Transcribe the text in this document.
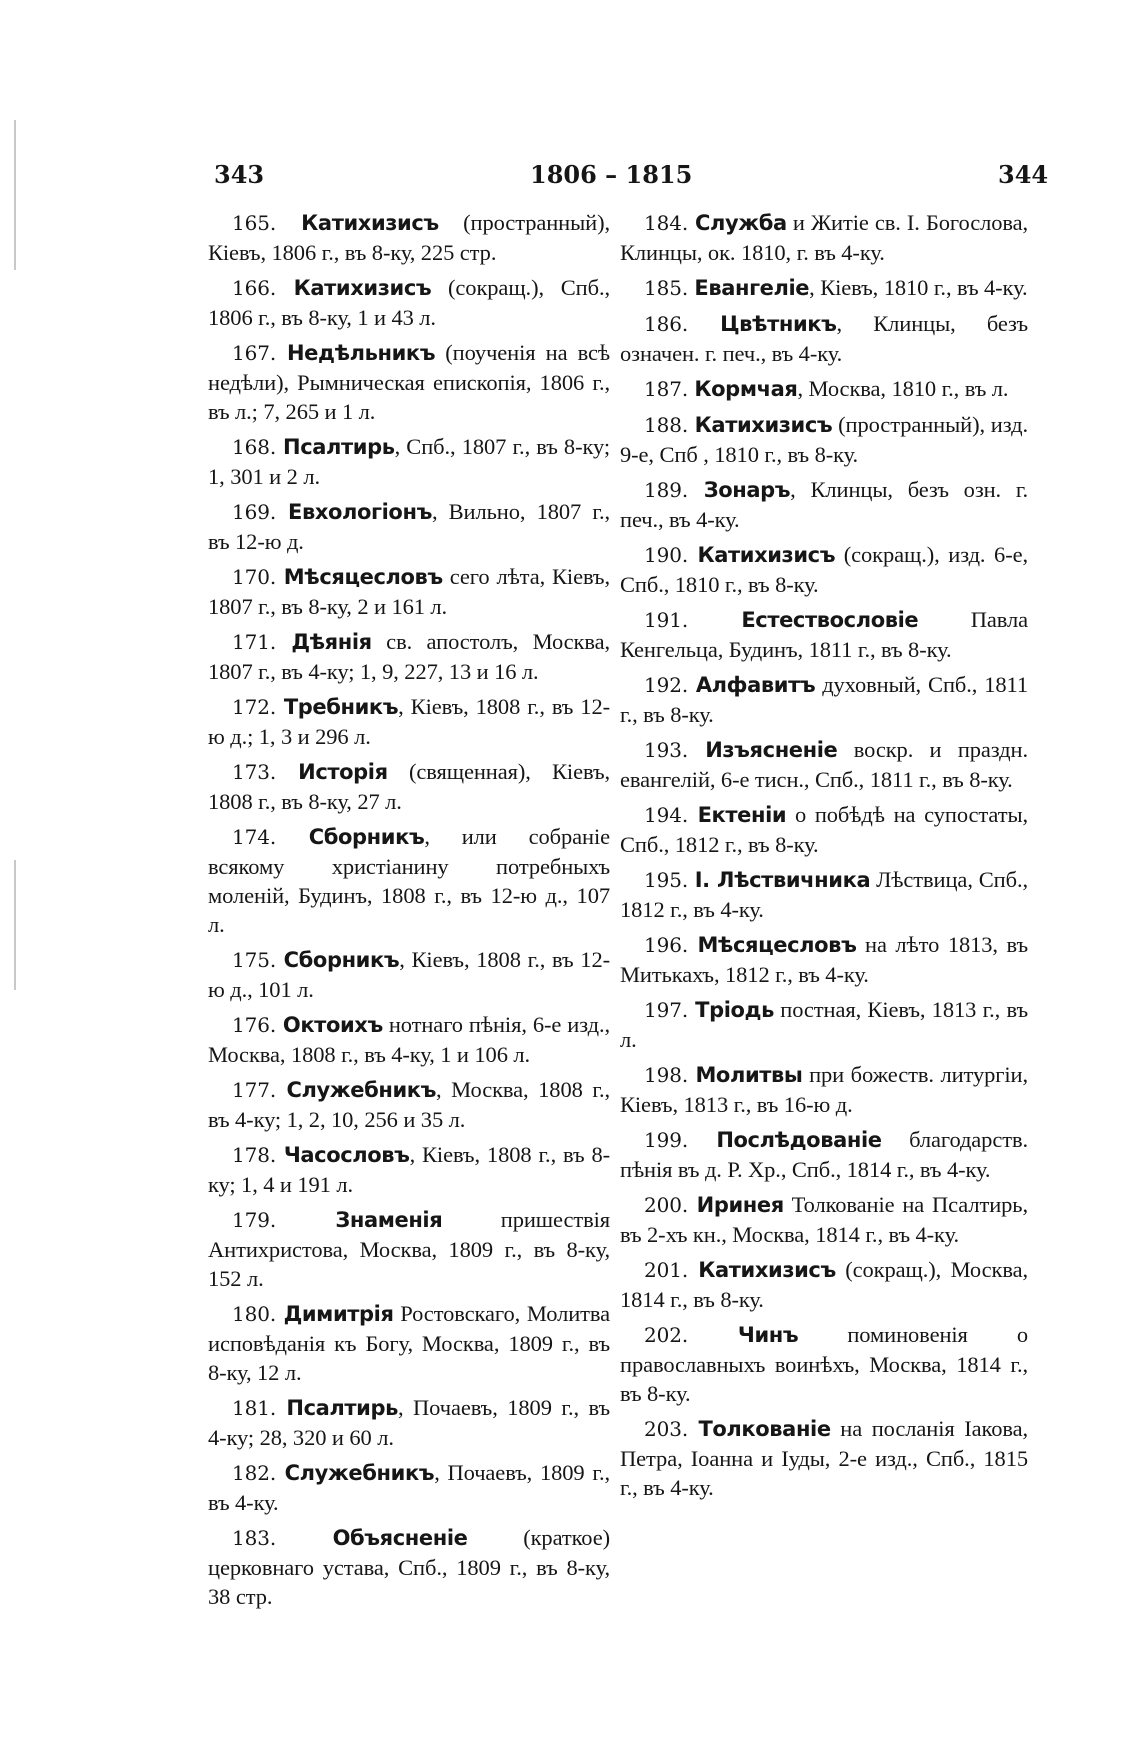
343	1806 – 1815	344

165. Катихизисъ (пространный), Кіевъ, 1806 г., въ 8-ку, 225 стр.

166. Катихизисъ (сокращ.), Спб., 1806 г., въ 8-ку, 1 и 43 л.

167. Недѣльникъ (поученія на всѣ недѣли), Рымническая епископія, 1806 г., въ л.; 7, 265 и 1 л.

168. Псалтирь, Спб., 1807 г., въ 8-ку; 1, 301 и 2 л.

169. Евхологіонъ, Вильно, 1807 г., въ 12-ю д.

170. Мѣсяцесловъ сего лѣта, Кіевъ, 1807 г., въ 8-ку, 2 и 161 л.

171. Дѣянія св. апостолъ, Москва, 1807 г., въ 4-ку; 1, 9, 227, 13 и 16 л.

172. Требникъ, Кіевъ, 1808 г., въ 12-ю д.; 1, 3 и 296 л.

173. Исторія (священная), Кіевъ, 1808 г., въ 8-ку, 27 л.

174. Сборникъ, или собраніе всякому христіанину потребныхъ моленій, Будинъ, 1808 г., въ 12-ю д., 107 л.

175. Сборникъ, Кіевъ, 1808 г., въ 12-ю д., 101 л.

176. Октоихъ нотнаго пѣнія, 6-е изд., Москва, 1808 г., въ 4-ку, 1 и 106 л.

177. Служебникъ, Москва, 1808 г., въ 4-ку; 1, 2, 10, 256 и 35 л.

178. Часословъ, Кіевъ, 1808 г., въ 8-ку; 1, 4 и 191 л.

179. Знаменія пришествія Антихристова, Москва, 1809 г., въ 8-ку, 152 л.

180. Димитрія Ростовскаго, Молитва исповѣданія къ Богу, Москва, 1809 г., въ 8-ку, 12 л.

181. Псалтирь, Почаевъ, 1809 г., въ 4-ку; 28, 320 и 60 л.

182. Служебникъ, Почаевъ, 1809 г., въ 4-ку.

183. Объясненіе (краткое) церковнаго устава, Спб., 1809 г., въ 8-ку, 38 стр.

184. Служба и Житіе св. І. Богослова, Клинцы, ок. 1810, г. въ 4-ку.

185. Евангеліе, Кіевъ, 1810 г., въ 4-ку.

186. Цвѣтникъ, Клинцы, безъ означен. г. печ., въ 4-ку.

187. Кормчая, Москва, 1810 г., въ л.

188. Катихизисъ (пространный), изд. 9-е, Спб , 1810 г., въ 8-ку.

189. Зонаръ, Клинцы, безъ озн. г. печ., въ 4-ку.

190. Катихизисъ (сокращ.), изд. 6-е, Спб., 1810 г., въ 8-ку.

191. Естествословіе Павла Кенгельца, Будинъ, 1811 г., въ 8-ку.

192. Алфавитъ духовный, Спб., 1811 г., въ 8-ку.

193. Изъясненіе воскр. и праздн. евангелій, 6-е тисн., Спб., 1811 г., въ 8-ку.

194. Ектеніи о побѣдѣ на супостаты, Спб., 1812 г., въ 8-ку.

195. І. Лѣствичника Лѣствица, Спб., 1812 г., въ 4-ку.

196. Мѣсяцесловъ на лѣто 1813, въ Митькахъ, 1812 г., въ 4-ку.

197. Тріодь постная, Кіевъ, 1813 г., въ л.

198. Молитвы при божеств. литургіи, Кіевъ, 1813 г., въ 16-ю д.

199. Послѣдованіе благодарств. пѣнія въ д. Р. Хр., Спб., 1814 г., въ 4-ку.

200. Иринея Толкованіе на Псалтирь, въ 2-хъ кн., Москва, 1814 г., въ 4-ку.

201. Катихизисъ (сокращ.), Москва, 1814 г., въ 8-ку.

202. Чинъ поминовенія о православныхъ воинѣхъ, Москва, 1814 г., въ 8-ку.

203. Толкованіе на посланія Іакова, Петра, Іоанна и Іуды, 2-е изд., Спб., 1815 г., въ 4-ку.
